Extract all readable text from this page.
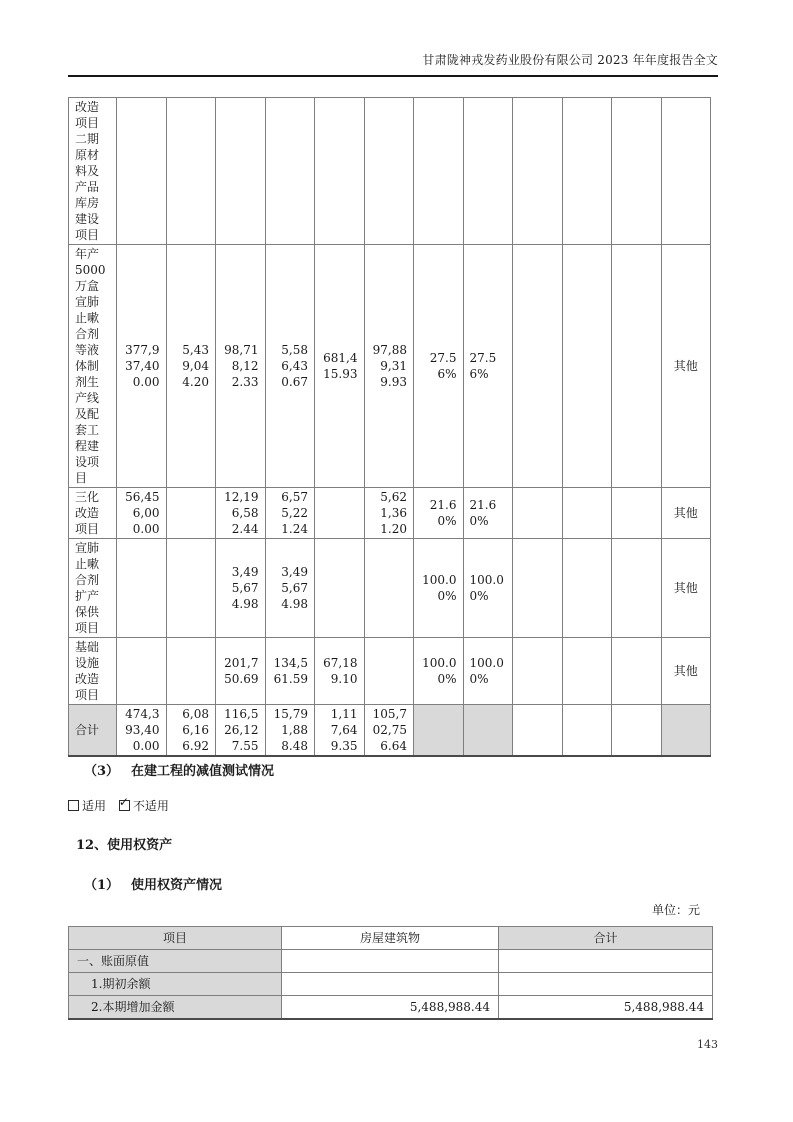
甘肃陇神戎发药业股份有限公司 2023 年年度报告全文
改造项目二期原材料及产品库房建设项目												
年产5000万盒宣肺止嗽合剂等液体制剂生产线及配套工程建设项目	377,937,400.00	5,439,044.20	98,718,122.33	5,586,430.67	681,415.93	97,889,319.93	27.56%	27.56%				其他
三化改造项目	56,456,000.00		12,196,582.44	6,575,221.24		5,621,361.20	21.60%	21.60%				其他
宣肺止嗽合剂扩产保供项目			3,495,674.98	3,495,674.98			100.00%	100.00%				其他
基础设施改造项目			201,750.69	134,561.59	67,189.10		100.00%	100.00%				其他
合计	474,393,400.00	6,086,166.92	116,526,127.55	15,791,888.48	1,117,649.35	105,702,756.64						
（3） 在建工程的减值测试情况
适用 ✓ 不适用
12、使用权资产
（1） 使用权资产情况
单位：元
项目	房屋建筑物	合计
一、账面原值		
1.期初余额		
2.本期增加金额	5,488,988.44	5,488,988.44
143
